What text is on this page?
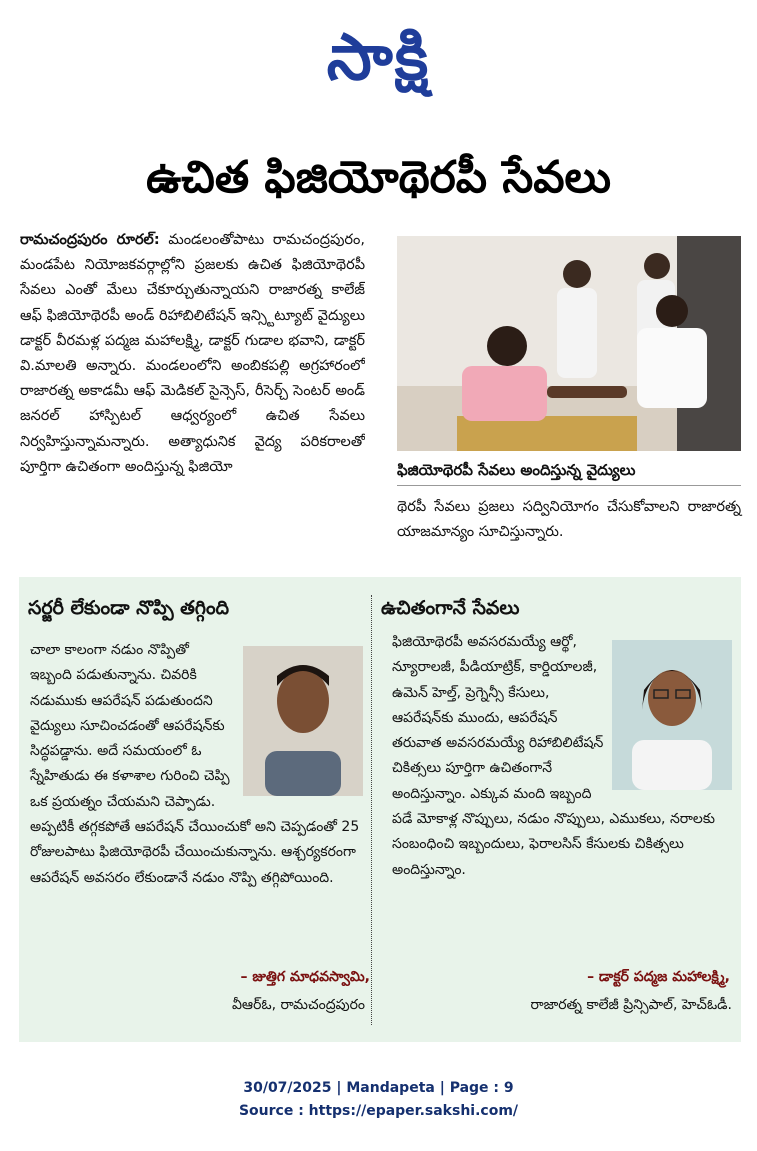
సాక్షి
ఉచిత ఫిజియోథెరపీ సేవలు
రామచంద్రపురం రూరల్: మండలంతోపాటు రామచంద్రపురం, మండపేట నియోజకవర్గాల్లోని ప్రజలకు ఉచిత ఫిజియోథెరపీ సేవలు ఎంతో మేలు చేకూర్చుతున్నాయని రాజారత్న కాలేజ్ ఆఫ్ ఫిజియోథెరపీ అండ్ రిహాబిలిటేషన్ ఇన్స్టిట్యూట్ వైద్యులు డాక్టర్ వీరమళ్ల పద్మజ మహాలక్ష్మి, డాక్టర్ గుడాల భవాని, డాక్టర్ వి.మాలతి అన్నారు. మండలంలోని అంబికపల్లి అగ్రహారంలో రాజారత్న అకాడమీ ఆఫ్ మెడికల్ సైన్సెస్, రీసెర్చ్ సెంటర్ అండ్ జనరల్ హాస్పిటల్ ఆధ్వర్యంలో ఉచిత సేవలు నిర్వహిస్తున్నామన్నారు. అత్యాధునిక వైద్య పరికరాలతో పూర్తిగా ఉచితంగా అందిస్తున్న ఫిజియో	ఫిజియోథెరపీ సేవలు అందిస్తున్న వైద్యులు
థెరపీ సేవలు ప్రజలు సద్వినియోగం చేసుకోవాలని రాజారత్న యాజమాన్యం సూచిస్తున్నారు.
సర్జరీ లేకుండా నొప్పి తగ్గింది
చాలా కాలంగా నడుం నొప్పితో ఇబ్బంది పడుతున్నాను. చివరికి నడుముకు ఆపరేషన్ పడుతుందని వైద్యులు సూచించడంతో ఆపరేషన్‌కు సిద్ధపడ్డాను. అదే సమయంలో ఓ స్నేహితుడు ఈ కళాశాల గురించి చెప్పి ఒక ప్రయత్నం చేయమని చెప్పాడు. అప్పటికీ తగ్గకపోతే ఆపరేషన్ చేయించుకో అని చెప్పడంతో 25 రోజులపాటు ఫిజియోథెరపీ చేయించుకున్నాను. ఆశ్చర్యకరంగా ఆపరేషన్ అవసరం లేకుండానే నడుం నొప్పి తగ్గిపోయింది.
– జుత్తిగ మాధవస్వామి,
వీఆర్‌ఓ, రామచంద్రపురం
ఉచితంగానే సేవలు
ఫిజియోథెరపీ అవసరమయ్యే ఆర్థో, న్యూరాలజీ, పీడియాట్రిక్, కార్డియాలజీ, ఉమెన్ హెల్త్, ప్రెగ్నెన్సీ కేసులు, ఆపరేషన్‌కు ముందు, ఆపరేషన్ తరువాత అవసరమయ్యే రిహాబిలిటేషన్ చికిత్సలు పూర్తిగా ఉచితంగానే అందిస్తున్నాం. ఎక్కువ మంది ఇబ్బంది పడే మోకాళ్ల నొప్పులు, నడుం నొప్పులు, ఎముకలు, నరాలకు సంబంధించి ఇబ్బందులు, ఫెరాలసిస్ కేసులకు చికిత్సలు అందిస్తున్నాం.
– డాక్టర్ పద్మజ మహాలక్ష్మి,
రాజారత్న కాలేజీ ప్రిన్సిపాల్, హెచ్‌ఓడీ.
30/07/2025 | Mandapeta | Page : 9
Source : https://epaper.sakshi.com/
